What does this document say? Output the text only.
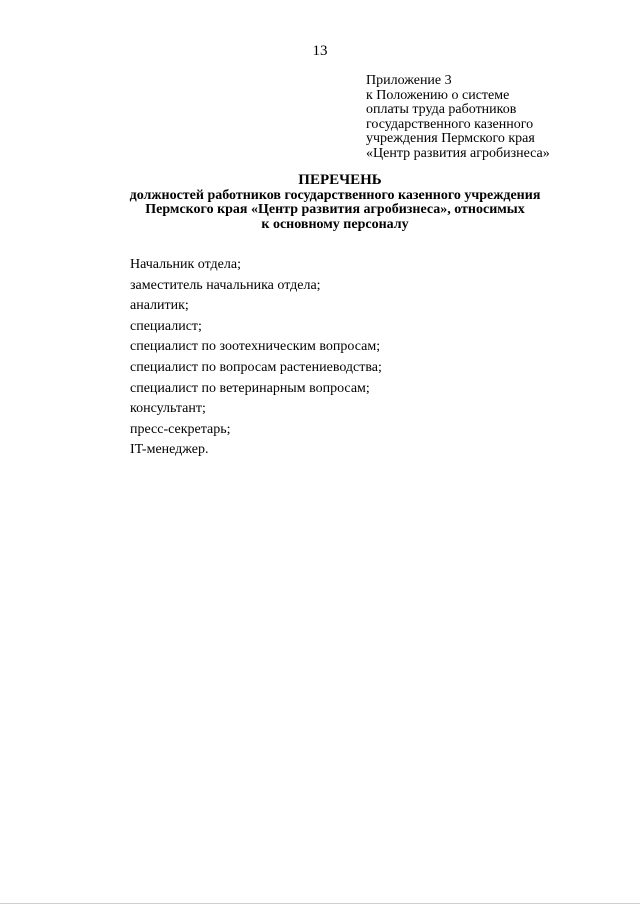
13
Приложение 3
к Положению о системе
оплаты труда работников
государственного казенного
учреждения Пермского края
«Центр развития агробизнеса»
ПЕРЕЧЕНЬ
должностей работников государственного казенного учреждения
Пермского края «Центр развития агробизнеса», относимых
к основному персоналу
Начальник отдела;
заместитель начальника отдела;
аналитик;
специалист;
специалист по зоотехническим вопросам;
специалист по вопросам растениеводства;
специалист по ветеринарным вопросам;
консультант;
пресс-секретарь;
IT-менеджер.
